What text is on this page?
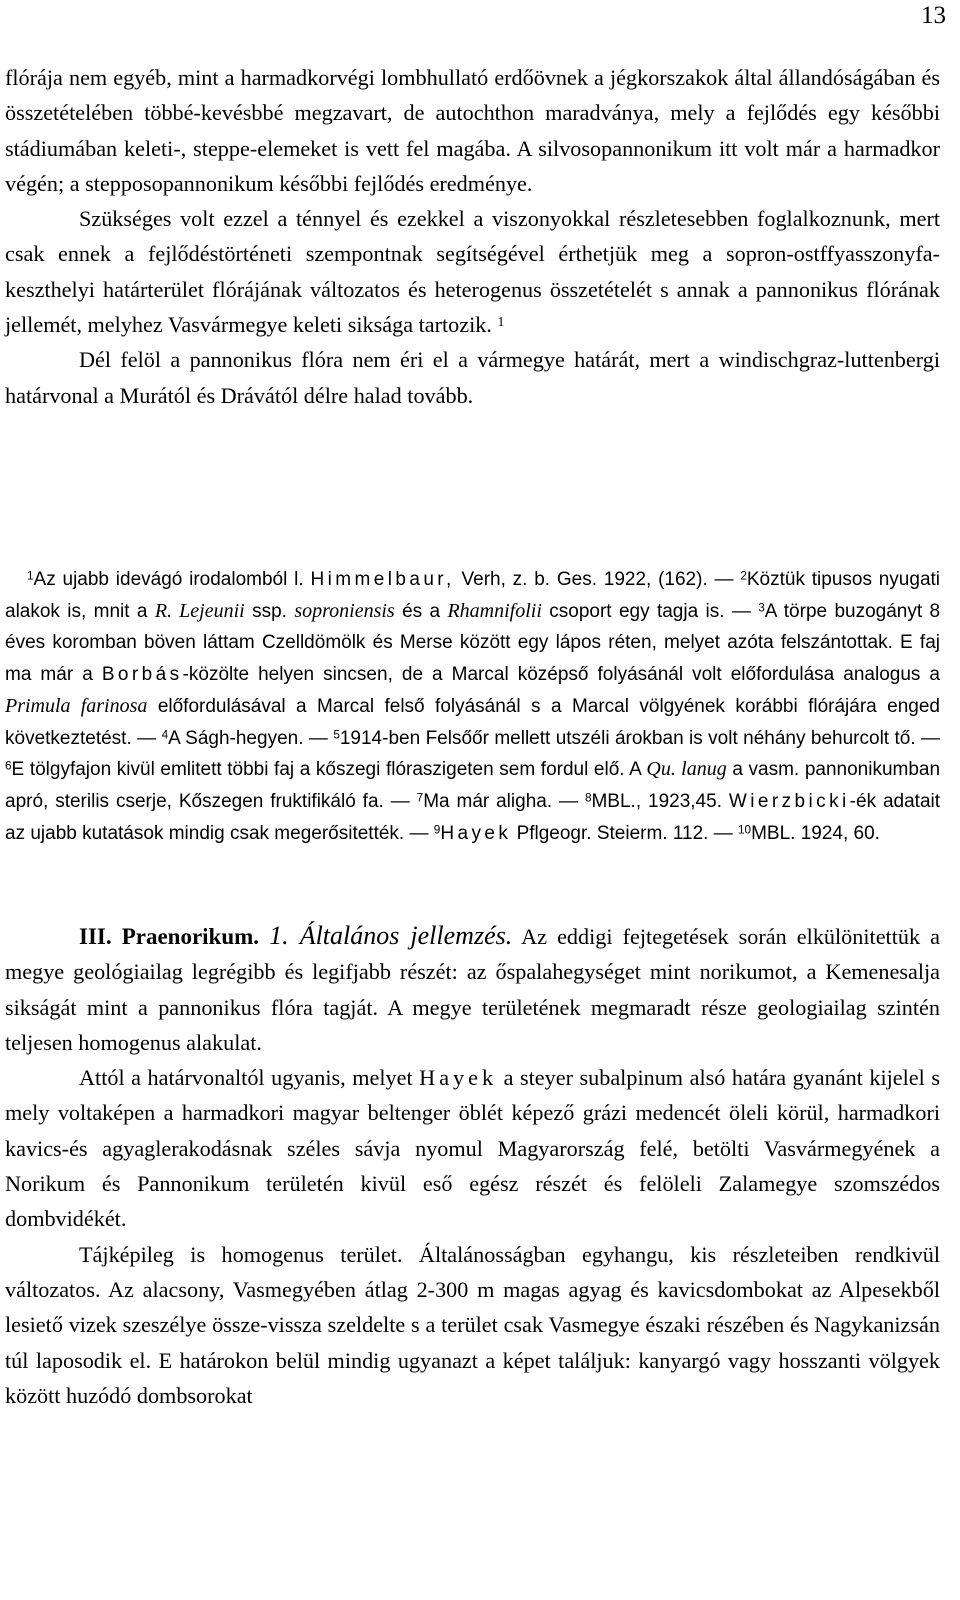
13

flórája nem egyéb, mint a harmadkorvégi lombhullató erdőövnek a jégkorszakok által állandóságában és összetételében többé-kevésbbé megzavart, de autochthon maradványa, mely a fejlődés egy későbbi stádiumában keleti-, steppe-elemeket is vett fel magába. A silvosopannonikum itt volt már a harmadkor végén; a stepposopannonikum későbbi fejlődés eredménye.

Szükséges volt ezzel a ténnyel és ezekkel a viszonyokkal részletesebben foglalkoznunk, mert csak ennek a fejlődéstörténeti szempontnak segítségével érthetjük meg a sopron-ostffyasszonyfa-keszthelyi határterület flórájának változatos és heterogenus összetételét s annak a pannonikus flórának jellemét, melyhez Vasvármegye keleti siksága tartozik. $^1$

Dél felöl a pannonikus flóra nem éri el a vármegye határát, mert a windischgraz-luttenbergi határvonal a Murától és Drávától délre halad tovább.

$^1$Az ujabb idevágó irodalomból l. Himmelbaur, Verh, z. b. Ges. 1922, (162). — $^2$Köztük tipusos nyugati alakok is, mnit a R. Lejeunii ssp. soproniensis és a Rhamnifolii csoport egy tagja is. — $^3$A törpe buzogányt 8 éves koromban böven láttam Czelldömölk és Merse között egy lápos réten, melyet azóta felszántottak. E faj ma már a Borbás-közölte helyen sincsen, de a Marcal középső folyásánál volt előfordulása analogus a Primula farinosa előfordulásával a Marcal felső folyásánál s a Marcal völgyének korábbi flórájára enged következtetést. — $^4$A Ságh-hegyen. — $^5$1914-ben Felsőőr mellett utszéli árokban is volt néhány behurcolt tő. — $^6$E tölgyfajon kivül emlitett többi faj a kőszegi flóraszigeten sem fordul elő. A Qu. lanug a vasm. pannonikumban apró, sterilis cserje, Kőszegen fruktifikáló fa. — $^7$Ma már aligha. — $^8$MBL., 1923,45. Wierzbicki-ék adatait az ujabb kutatások mindig csak megerősitették. — $^9$Hayek Pflgeogr. Steierm. 112. — $^{10}$MBL. 1924, 60.

III. Praenorikum. 1. Általános jellemzés. Az eddigi fejtegetések során elkülönitettük a megye geológiailag legrégibb és legifjabb részét: az őspalahegységet mint norikumot, a Kemenesalja sikságát mint a pannonikus flóra tagját. A megye területének megmaradt része geologiailag szintén teljesen homogenus alakulat.

Attól a határvonaltól ugyanis, melyet Hayek a steyer subalpinum alsó határa gyanánt kijelel s mely voltaképen a harmadkori magyar beltenger öblét képező grázi medencét öleli körül, harmadkori kavics-és agyaglerakodásnak széles sávja nyomul Magyarország felé, betölti Vasvármegyének a Norikum és Pannonikum területén kivül eső egész részét és felöleli Zalamegye szomszédos dombvidékét.

Tájképileg is homogenus terület. Általánosságban egyhangu, kis részleteiben rendkivül változatos. Az alacsony, Vasmegyében átlag 2-300 m magas agyag és kavicsdombokat az Alpesekből lesiető vizek szeszélye össze-vissza szeldelte s a terület csak Vasmegye északi részében és Nagykanizsán túl laposodik el. E határokon belül mindig ugyanazt a képet találjuk: kanyargó vagy hosszanti völgyek között huzódó dombsorokat
